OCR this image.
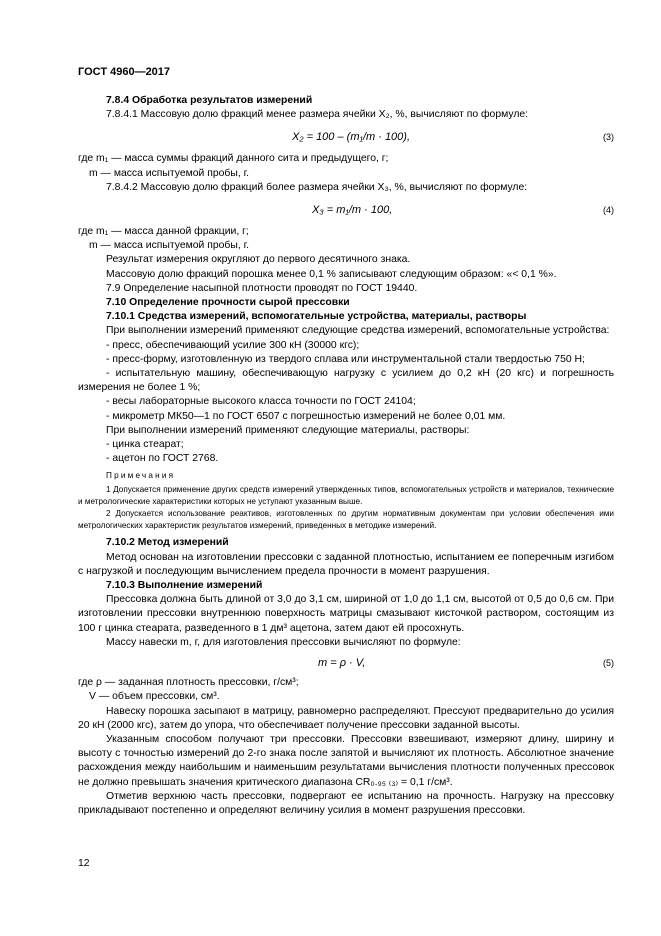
ГОСТ 4960—2017

7.8.4 Обработка результатов измерений

7.8.4.1 Массовую долю фракций менее размера ячейки X₂, %, вычисляют по формуле:

X₂ = 100 – (m₁/m · 100),	(3)

где m₁ — масса суммы фракций данного сита и предыдущего, г;

m — масса испытуемой пробы, г.

7.8.4.2 Массовую долю фракций более размера ячейки X₃, %, вычисляют по формуле:

X₃ = m₁/m · 100,	(4)

где m₁ — масса данной фракции, г;

m — масса испытуемой пробы, г.

Результат измерения округляют до первого десятичного знака.

Массовую долю фракций порошка менее 0,1 % записывают следующим образом: «< 0,1 %».

7.9 Определение насыпной плотности проводят по ГОСТ 19440.

7.10 Определение прочности сырой прессовки

7.10.1 Средства измерений, вспомогательные устройства, материалы, растворы

При выполнении измерений применяют следующие средства измерений, вспомогательные устройства:

- пресс, обеспечивающий усилие 300 кН (30000 кгс);

- пресс-форму, изготовленную из твердого сплава или инструментальной стали твердостью 750 Н;

- испытательную машину, обеспечивающую нагрузку с усилием до 0,2 кН (20 кгс) и погрешность измерения не более 1 %;

- весы лабораторные высокого класса точности по ГОСТ 24104;

- микрометр МК50—1 по ГОСТ 6507 с погрешностью измерений не более 0,01 мм.

При выполнении измерений применяют следующие материалы, растворы:

- цинка стеарат;

- ацетон по ГОСТ 2768.

Примечания

1 Допускается применение других средств измерений утвержденных типов, вспомогательных устройств и материалов, технические и метрологические характеристики которых не уступают указанным выше.

2 Допускается использование реактивов, изготовленных по другим нормативным документам при условии обеспечения ими метрологических характеристик результатов измерений, приведенных в методике измерений.

7.10.2 Метод измерений

Метод основан на изготовлении прессовки с заданной плотностью, испытанием ее поперечным изгибом с нагрузкой и последующим вычислением предела прочности в момент разрушения.

7.10.3 Выполнение измерений

Прессовка должна быть длиной от 3,0 до 3,1 см, шириной от 1,0 до 1,1 см, высотой от 0,5 до 0,6 см. При изготовлении прессовки внутреннюю поверхность матрицы смазывают кисточкой раствором, состоящим из 100 г цинка стеарата, разведенного в 1 дм³ ацетона, затем дают ей просохнуть.

Массу навески m, г, для изготовления прессовки вычисляют по формуле:

m = ρ · V,	(5)

где ρ — заданная плотность прессовки, г/см³;

V — объем прессовки, см³.

Навеску порошка засыпают в матрицу, равномерно распределяют. Прессуют предварительно до усилия 20 кН (2000 кгс), затем до упора, что обеспечивает получение прессовки заданной высоты.

Указанным способом получают три прессовки. Прессовки взвешивают, измеряют длину, ширину и высоту с точностью измерений до 2-го знака после запятой и вычисляют их плотность. Абсолютное значение расхождения между наибольшим и наименьшим результатами вычисления плотности полученных прессовок не должно превышать значения критического диапазона CR₀.₉₅ ₍₃₎ = 0,1 г/см³.

Отметив верхнюю часть прессовки, подвергают ее испытанию на прочность. Нагрузку на прессовку прикладывают постепенно и определяют величину усилия в момент разрушения прессовки.

12
